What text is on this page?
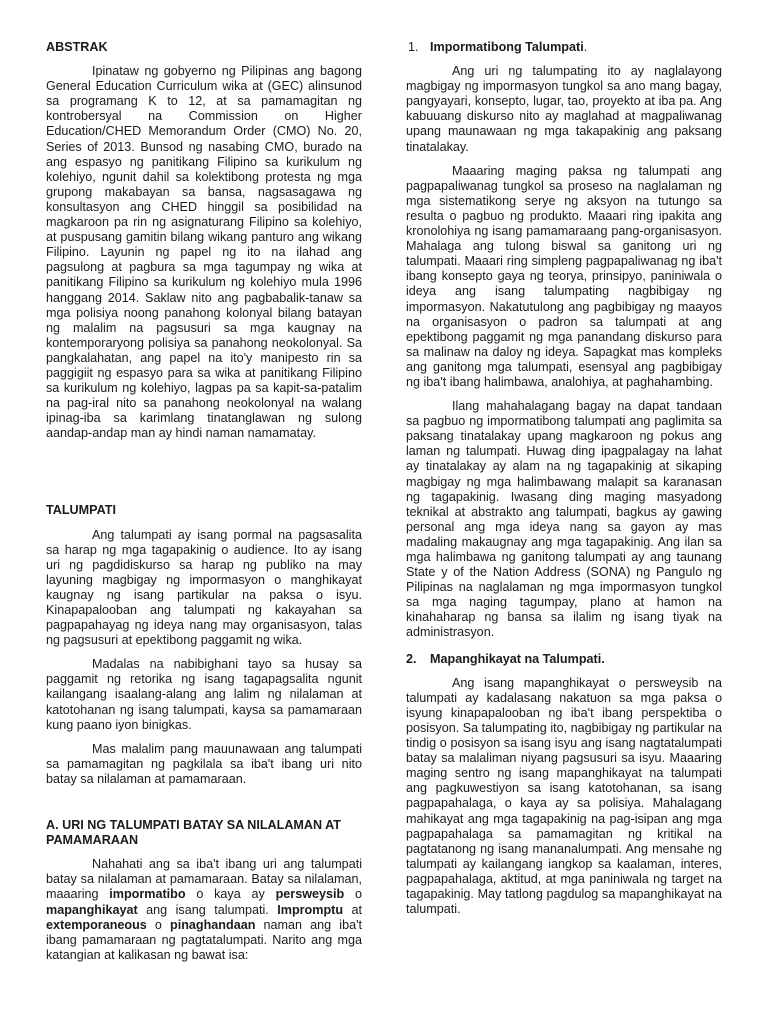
ABSTRAK

Ipinataw ng gobyerno ng Pilipinas ang bagong General Education Curriculum wika at (GEC) alinsunod sa programang K to 12, at sa pamamagitan ng kontrobersyal na Commission on Higher Education/CHED Memorandum Order (CMO) No. 20, Series of 2013. Bunsod ng nasabing CMO, burado na ang espasyo ng panitikang Filipino sa kurikulum ng kolehiyo, ngunit dahil sa kolektibong protesta ng mga grupong makabayan sa bansa, nagsasagawa ng konsultasyon ang CHED hinggil sa posibilidad na magkaroon pa rin ng asignaturang Filipino sa kolehiyo, at puspusang gamitin bilang wikang panturo ang wikang Filipino. Layunin ng papel ng ito na ilahad ang pagsulong at pagbura sa mga tagumpay ng wika at panitikang Filipino sa kurikulum ng kolehiyo mula 1996 hanggang 2014. Saklaw nito ang pagbabalik-tanaw sa mga polisiya noong panahong kolonyal bilang batayan ng malalim na pagsusuri sa mga kaugnay na kontemporaryong polisiya sa panahong neokolonyal. Sa pangkalahatan, ang papel na ito'y manipesto rin sa paggigiit ng espasyo para sa wika at panitikang Filipino sa kurikulum ng kolehiyo, lagpas pa sa kapit-sa-patalim na pag-iral nito sa panahong neokolonyal na walang ipinag-iba sa karimlang tinatanglawan ng sulong aandap-andap man ay hindi naman namamatay.

TALUMPATI

Ang talumpati ay isang pormal na pagsasalita sa harap ng mga tagapakinig o audience. Ito ay isang uri ng pagdidiskurso sa harap ng publiko na may layuning magbigay ng impormasyon o manghikayat kaugnay ng isang partikular na paksa o isyu. Kinapapalooban ang talumpati ng kakayahan sa pagpapahayag ng ideya nang may organisasyon, talas ng pagsusuri at epektibong paggamit ng wika.

Madalas na nabibighani tayo sa husay sa paggamit ng retorika ng isang tagapagsalita ngunit kailangang isaalang-alang ang lalim ng nilalaman at katotohanan ng isang talumpati, kaysa sa pamamaraan kung paano iyon binigkas.

Mas malalim pang mauunawaan ang talumpati sa pamamagitan ng pagkilala sa iba't ibang uri nito batay sa nilalaman at pamamaraan.

A. URI NG TALUMPATI BATAY SA NILALAMAN AT PAMAMARAAN

Nahahati ang sa iba't ibang uri ang talumpati batay sa nilalaman at pamamaraan. Batay sa nilalaman, maaaring impormatibo o kaya ay persweysib o mapanghikayat ang isang talumpati. Impromptu at extemporaneous o pinaghandaan naman ang iba't ibang pamamaraan ng pagtatalumpati. Narito ang mga katangian at kalikasan ng bawat isa:

1. Impormatibong Talumpati.

Ang uri ng talumpating ito ay naglalayong magbigay ng impormasyon tungkol sa ano mang bagay, pangyayari, konsepto, lugar, tao, proyekto at iba pa. Ang kabuuang diskurso nito ay maglahad at magpaliwanag upang maunawaan ng mga takapakinig ang paksang tinatalakay.

Maaaring maging paksa ng talumpati ang pagpapaliwanag tungkol sa proseso na naglalaman ng mga sistematikong serye ng aksyon na tutungo sa resulta o pagbuo ng produkto. Maaari ring ipakita ang kronolohiya ng isang pamamaraang pang-organisasyon. Mahalaga ang tulong biswal sa ganitong uri ng talumpati. Maaari ring simpleng pagpapaliwanag ng iba't ibang konsepto gaya ng teorya, prinsipyo, paniniwala o ideya ang isang talumpating nagbibigay ng impormasyon. Nakatutulong ang pagbibigay ng maayos na organisasyon o padron sa talumpati at ang epektibong paggamit ng mga panandang diskurso para sa malinaw na daloy ng ideya. Sapagkat mas kompleks ang ganitong mga talumpati, esensyal ang pagbibigay ng iba't ibang halimbawa, analohiya, at paghahambing.

Ilang mahahalagang bagay na dapat tandaan sa pagbuo ng impormatibong talumpati ang paglimita sa paksang tinatalakay upang magkaroon ng pokus ang laman ng talumpati. Huwag ding ipagpalagay na lahat ay tinatalakay ay alam na ng tagapakinig at sikaping magbigay ng mga halimbawang malapit sa karanasan ng tagapakinig. Iwasang ding maging masyadong teknikal at abstrakto ang talumpati, bagkus ay gawing personal ang mga ideya nang sa gayon ay mas madaling makaugnay ang mga tagapakinig. Ang ilan sa mga halimbawa ng ganitong talumpati ay ang taunang State y of the Nation Address (SONA) ng Pangulo ng Pilipinas na naglalaman ng mga impormasyon tungkol sa mga naging tagumpay, plano at hamon na kinahaharap ng bansa sa ilalim ng isang tiyak na administrasyon.

2.	Mapanghikayat na Talumpati.

Ang isang mapanghikayat o persweysib na talumpati ay kadalasang nakatuon sa mga paksa o isyung kinapapalooban ng iba't ibang perspektiba o posisyon. Sa talumpating ito, nagbibigay ng partikular na tindig o posisyon sa isang isyu ang isang nagtatalumpati batay sa malaliman niyang pagsusuri sa isyu. Maaaring maging sentro ng isang mapanghikayat na talumpati ang pagkuwestiyon sa isang katotohanan, sa isang pagpapahalaga, o kaya ay sa polisiya. Mahalagang mahikayat ang mga tagapakinig na pag-isipan ang mga pagpapahalaga sa pamamagitan ng kritikal na pagtatanong ng isang mananalumpati. Ang mensahe ng talumpati ay kailangang iangkop sa kaalaman, interes, pagpapahalaga, aktitud, at mga paniniwala ng target na tagapakinig. May tatlong pagdulog sa mapanghikayat na talumpati.
